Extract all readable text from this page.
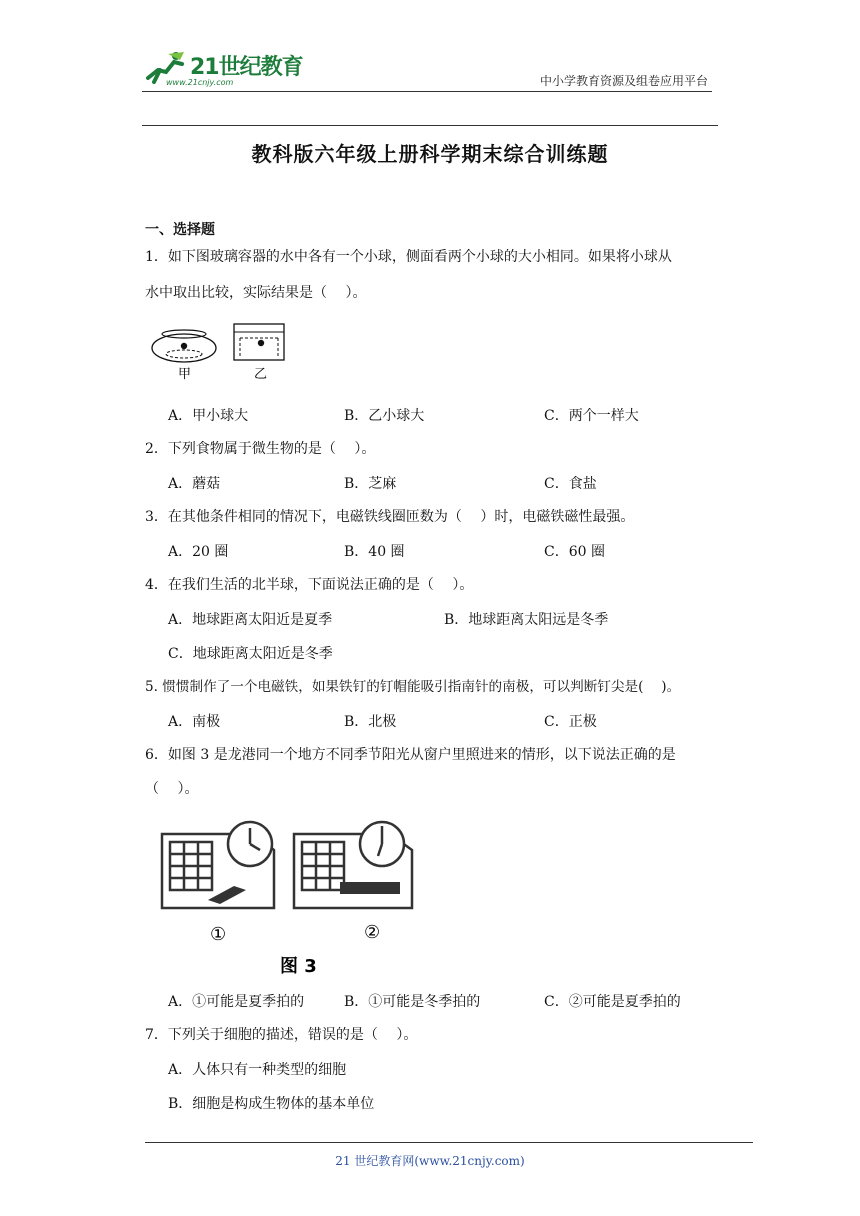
21世纪教育
www.21cnjy.com	中小学教育资源及组卷应用平台
教科版六年级上册科学期末综合训练题
一、选择题
1．如下图玻璃容器的水中各有一个小球，侧面看两个小球的大小相同。如果将小球从
水中取出比较，实际结果是（　 ）。
甲	乙
A．甲小球大	B．乙小球大	C．两个一样大
2．下列食物属于微生物的是（　 ）。
A．蘑菇	B．芝麻	C．食盐
3．在其他条件相同的情况下，电磁铁线圈匝数为（　 ）时，电磁铁磁性最强。
A．20 圈	B．40 圈	C．60 圈
4．在我们生活的北半球，下面说法正确的是（　 ）。
A．地球距离太阳近是夏季	B．地球距离太阳远是冬季
C．地球距离太阳近是冬季
5. 惯惯制作了一个电磁铁，如果铁钉的钉帽能吸引指南针的南极，可以判断钉尖是(　 )。
A．南极	B．北极	C．正极
6．如图 3 是龙港同一个地方不同季节阳光从窗户里照进来的情形，以下说法正确的是
（　 ）。
①	②
图 3
A．①可能是夏季拍的	B．①可能是冬季拍的	C．②可能是夏季拍的
7．下列关于细胞的描述，错误的是（　 ）。
A．人体只有一种类型的细胞
B．细胞是构成生物体的基本单位
21 世纪教育网(www.21cnjy.com)
